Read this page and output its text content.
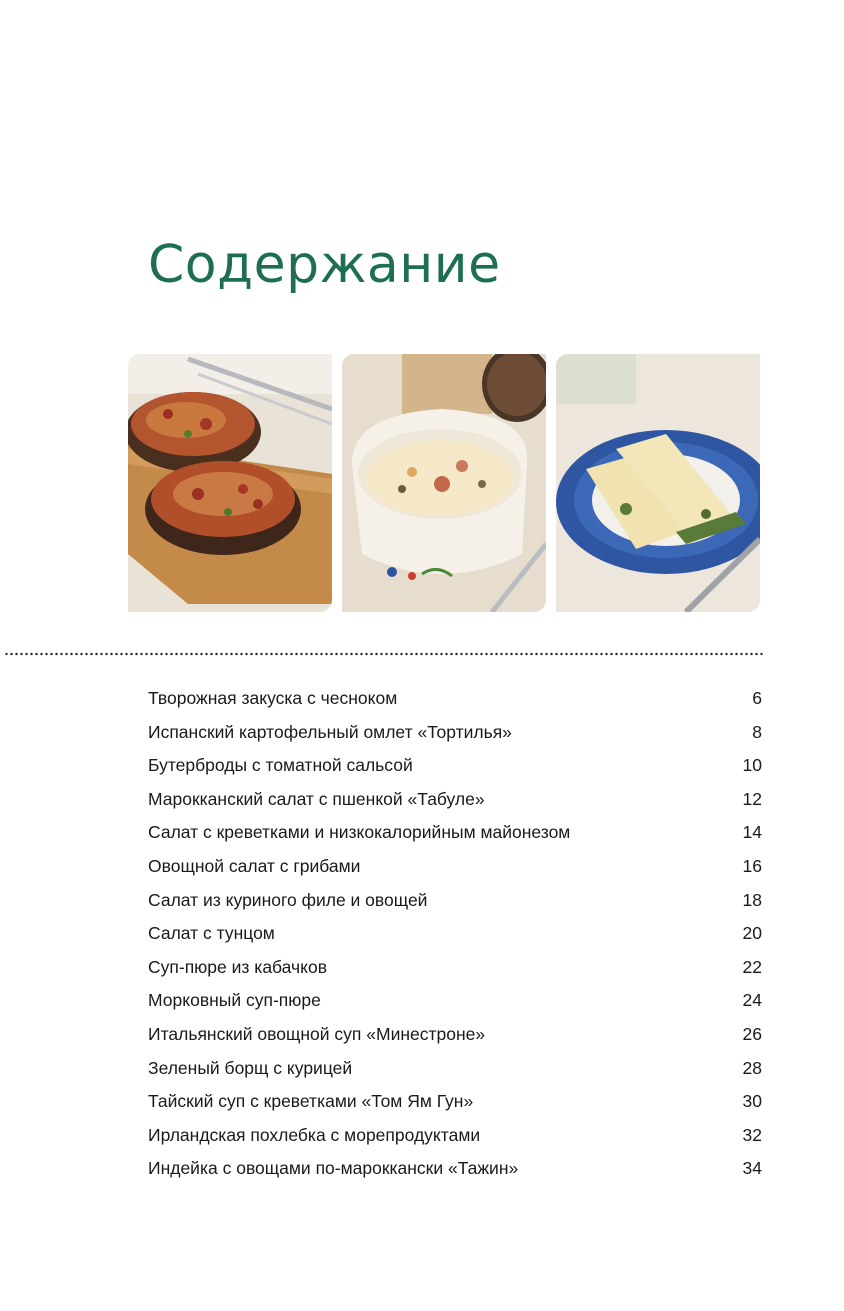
Содержание
Творожная закуска с чесноком	6
Испанский картофельный омлет «Тортилья»	8
Бутерброды с томатной сальсой	10
Марокканский салат с пшенкой «Табуле»	12
Салат с креветками и низкокалорийным майонезом	14
Овощной салат с грибами	16
Салат из куриного филе и овощей	18
Салат с тунцом	20
Суп-пюре из кабачков	22
Морковный суп-пюре	24
Итальянский овощной суп «Минестроне»	26
Зеленый борщ с курицей	28
Тайский суп с креветками «Том Ям Гун»	30
Ирландская похлебка с морепродуктами	32
Индейка с овощами по-мароккански «Тажин»	34
